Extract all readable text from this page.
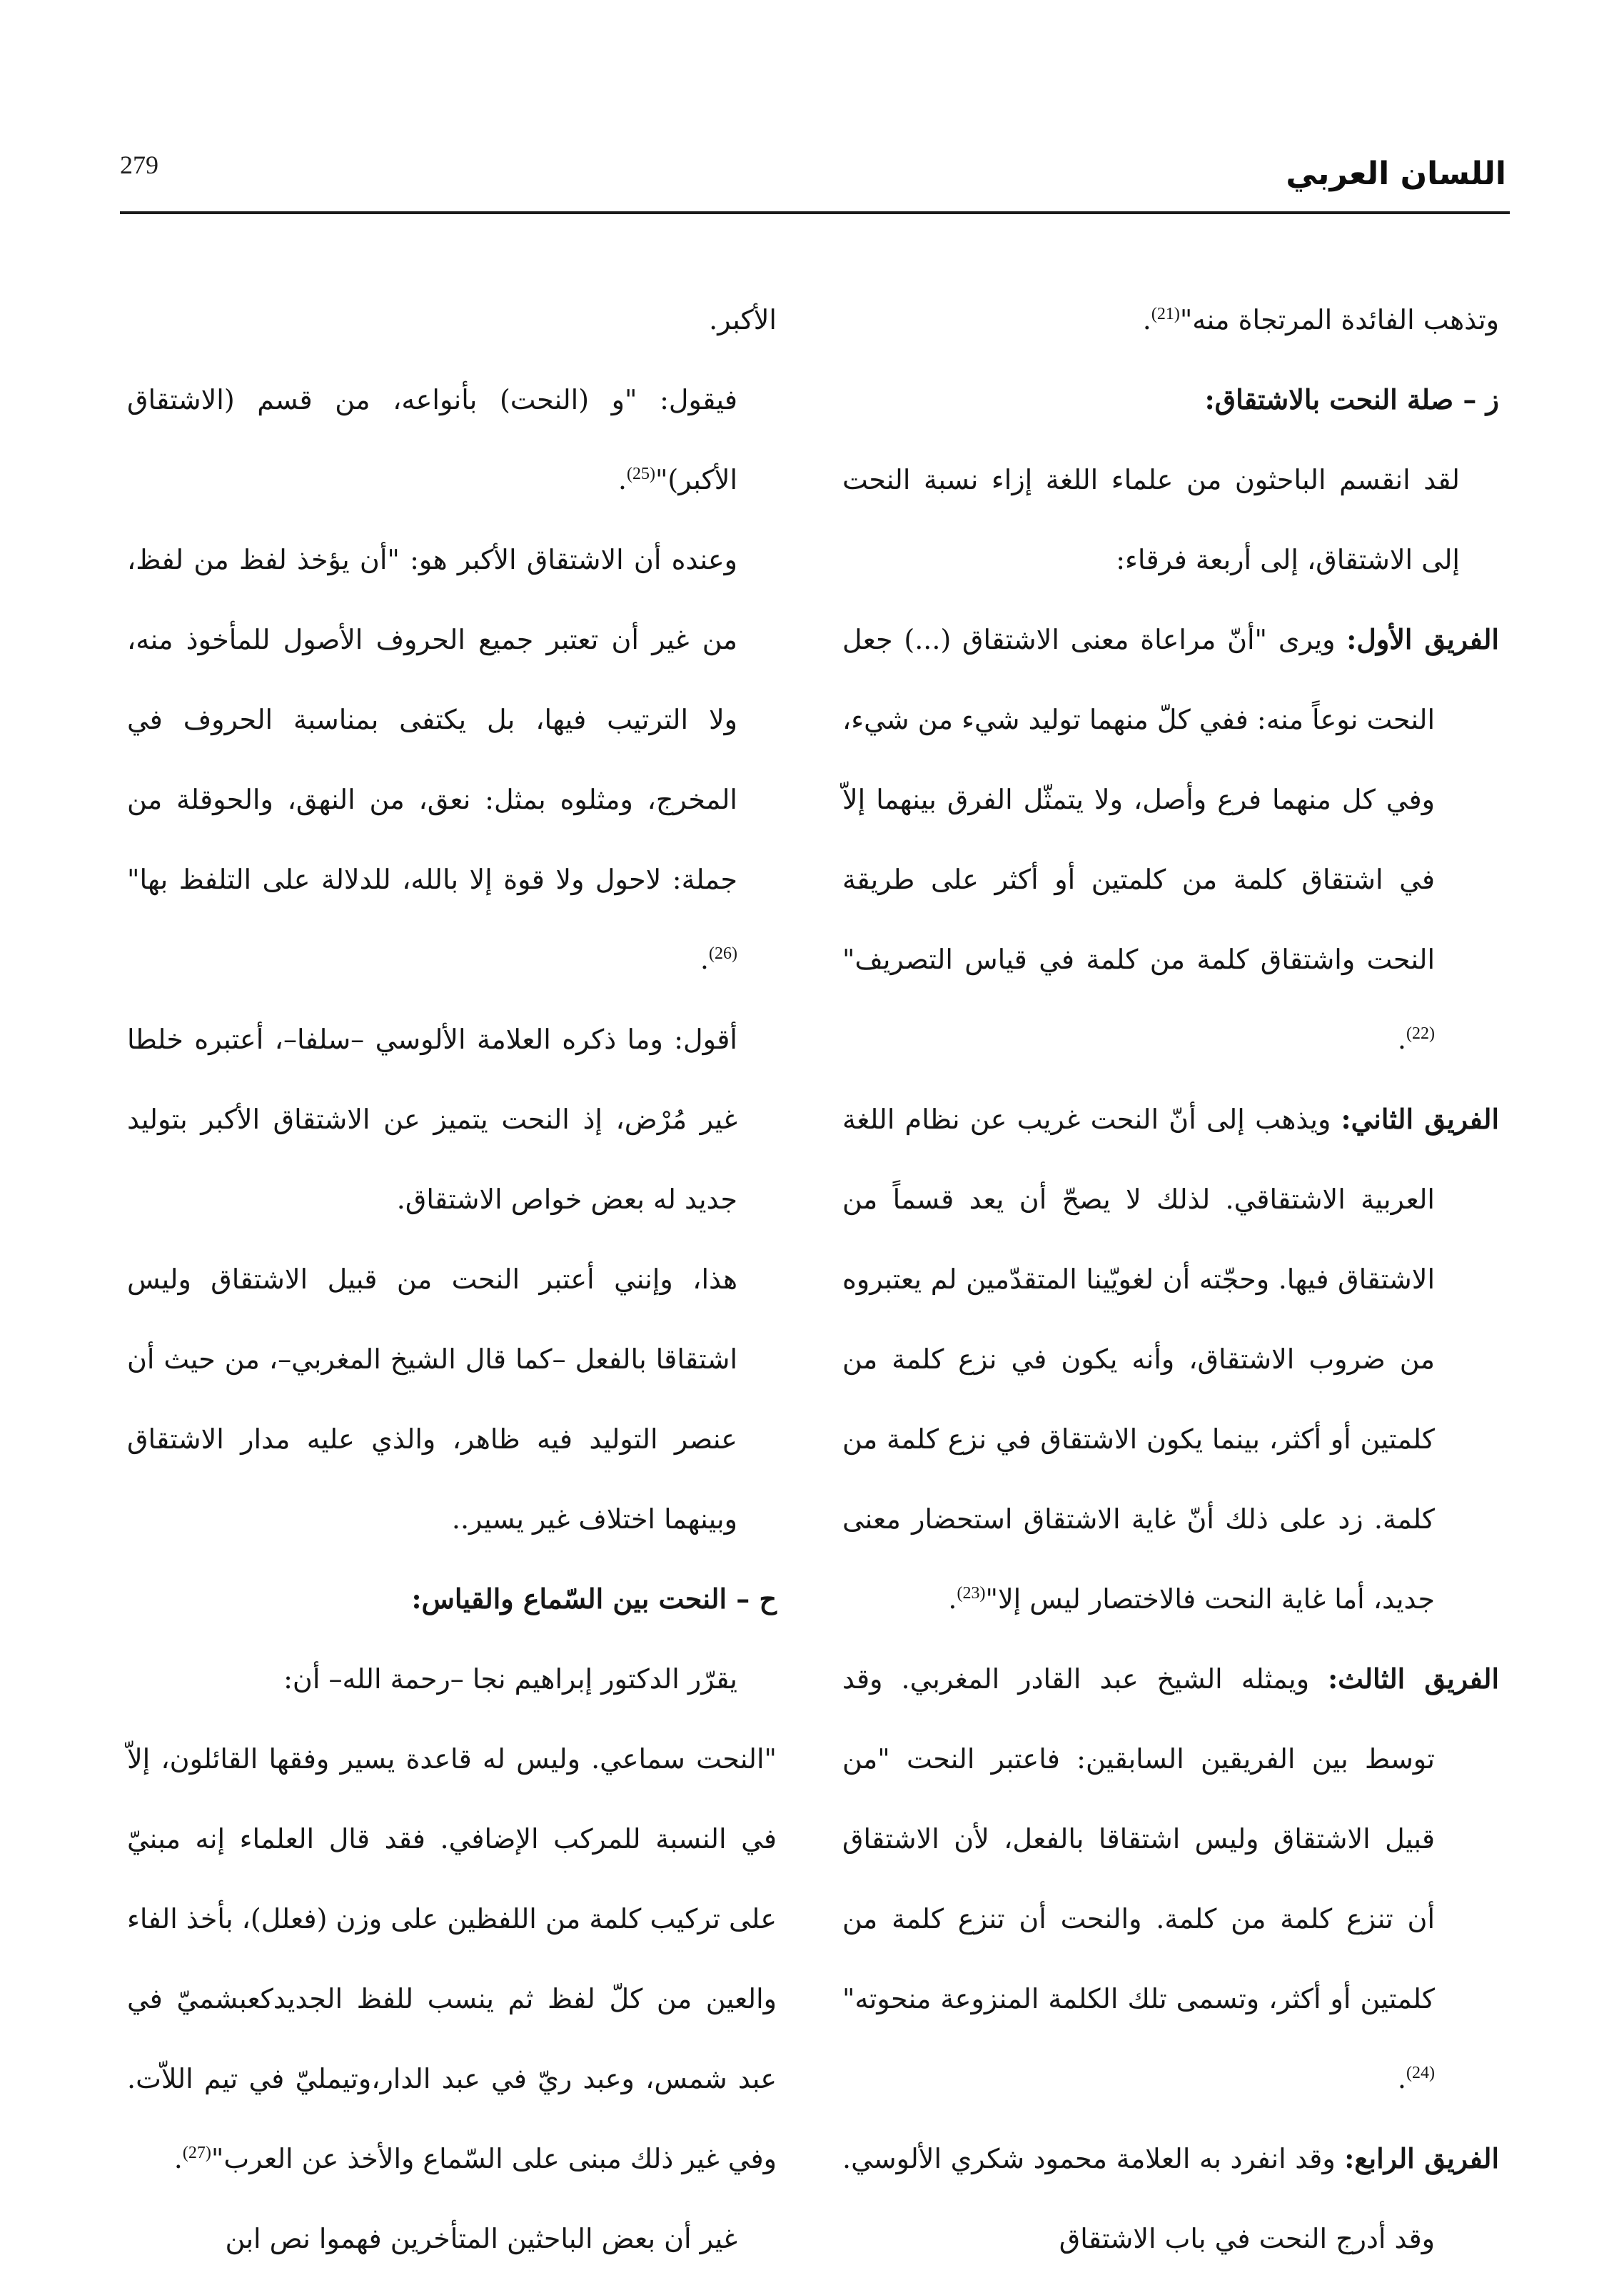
279	اللسان العربي

وتذهب الفائدة المرتجاة منه"$^{(21)}$.

ز – صلة النحت بالاشتقاق:

لقد انقسم الباحثون من علماء اللغة إزاء نسبة النحت إلى الاشتقاق، إلى أربعة فرقاء:

الفريق الأول: ويرى "أنّ مراعاة معنى الاشتقاق (...) جعل النحت نوعاً منه: ففي كلّ منهما توليد شيء من شيء، وفي كل منهما فرع وأصل، ولا يتمثّل الفرق بينهما إلاّ في اشتقاق كلمة من كلمتين أو أكثر على طريقة النحت واشتقاق كلمة من كلمة في قياس التصريف"$^{(22)}$.

الفريق الثاني: ويذهب إلى أنّ النحت غريب عن نظام اللغة العربية الاشتقاقي. لذلك لا يصحّ أن يعد قسماً من الاشتقاق فيها. وحجّته أن لغويّينا المتقدّمين لم يعتبروه من ضروب الاشتقاق، وأنه يكون في نزع كلمة من كلمتين أو أكثر، بينما يكون الاشتقاق في نزع كلمة من كلمة. زد على ذلك أنّ غاية الاشتقاق استحضار معنى جديد، أما غاية النحت فالاختصار ليس إلا"$^{(23)}$.

الفريق الثالث: ويمثله الشيخ عبد القادر المغربي. وقد توسط بين الفريقين السابقين: فاعتبر النحت "من قبيل الاشتقاق وليس اشتقاقا بالفعل، لأن الاشتقاق أن تنزع كلمة من كلمة. والنحت أن تنزع كلمة من كلمتين أو أكثر، وتسمى تلك الكلمة المنزوعة منحوته"$^{(24)}$.

الفريق الرابع: وقد انفرد به العلامة محمود شكري الألوسي. وقد أدرج النحت في باب الاشتقاق

الأكبر.

فيقول: "و (النحت) بأنواعه، من قسم (الاشتقاق الأكبر)"$^{(25)}$.

وعنده أن الاشتقاق الأكبر هو: "أن يؤخذ لفظ من لفظ، من غير أن تعتبر جميع الحروف الأصول للمأخوذ منه، ولا الترتيب فيها، بل يكتفى بمناسبة الحروف في المخرج، ومثلوه بمثل: نعق، من النهق، والحوقلة من جملة: لاحول ولا قوة إلا بالله، للدلالة على التلفظ بها"$^{(26)}$.

أقول: وما ذكره العلامة الألوسي –سلفا–، أعتبره خلطا غير مُرْض، إذ النحت يتميز عن الاشتقاق الأكبر بتوليد جديد له بعض خواص الاشتقاق.

هذا، وإنني أعتبر النحت من قبيل الاشتقاق وليس اشتقاقا بالفعل –كما قال الشيخ المغربي–، من حيث أن عنصر التوليد فيه ظاهر، والذي عليه مدار الاشتقاق وبينهما اختلاف غير يسير..

ح – النحت بين السّماع والقياس:

يقرّر الدكتور إبراهيم نجا –رحمة الله– أن:

"النحت سماعي. وليس له قاعدة يسير وفقها القائلون، إلاّ في النسبة للمركب الإضافي. فقد قال العلماء إنه مبنيّ على تركيب كلمة من اللفظين على وزن (فعلل)، بأخذ الفاء والعين من كلّ لفظ ثم ينسب للفظ الجديدكعبشميّ في عبد شمس، وعبد ريّ في عبد الدار،وتيمليّ في تيم اللاّت. وفي غير ذلك مبنى على السّماع والأخذ عن العرب"$^{(27)}$.

غير أن بعض الباحثين المتأخرين فهموا نص ابن
